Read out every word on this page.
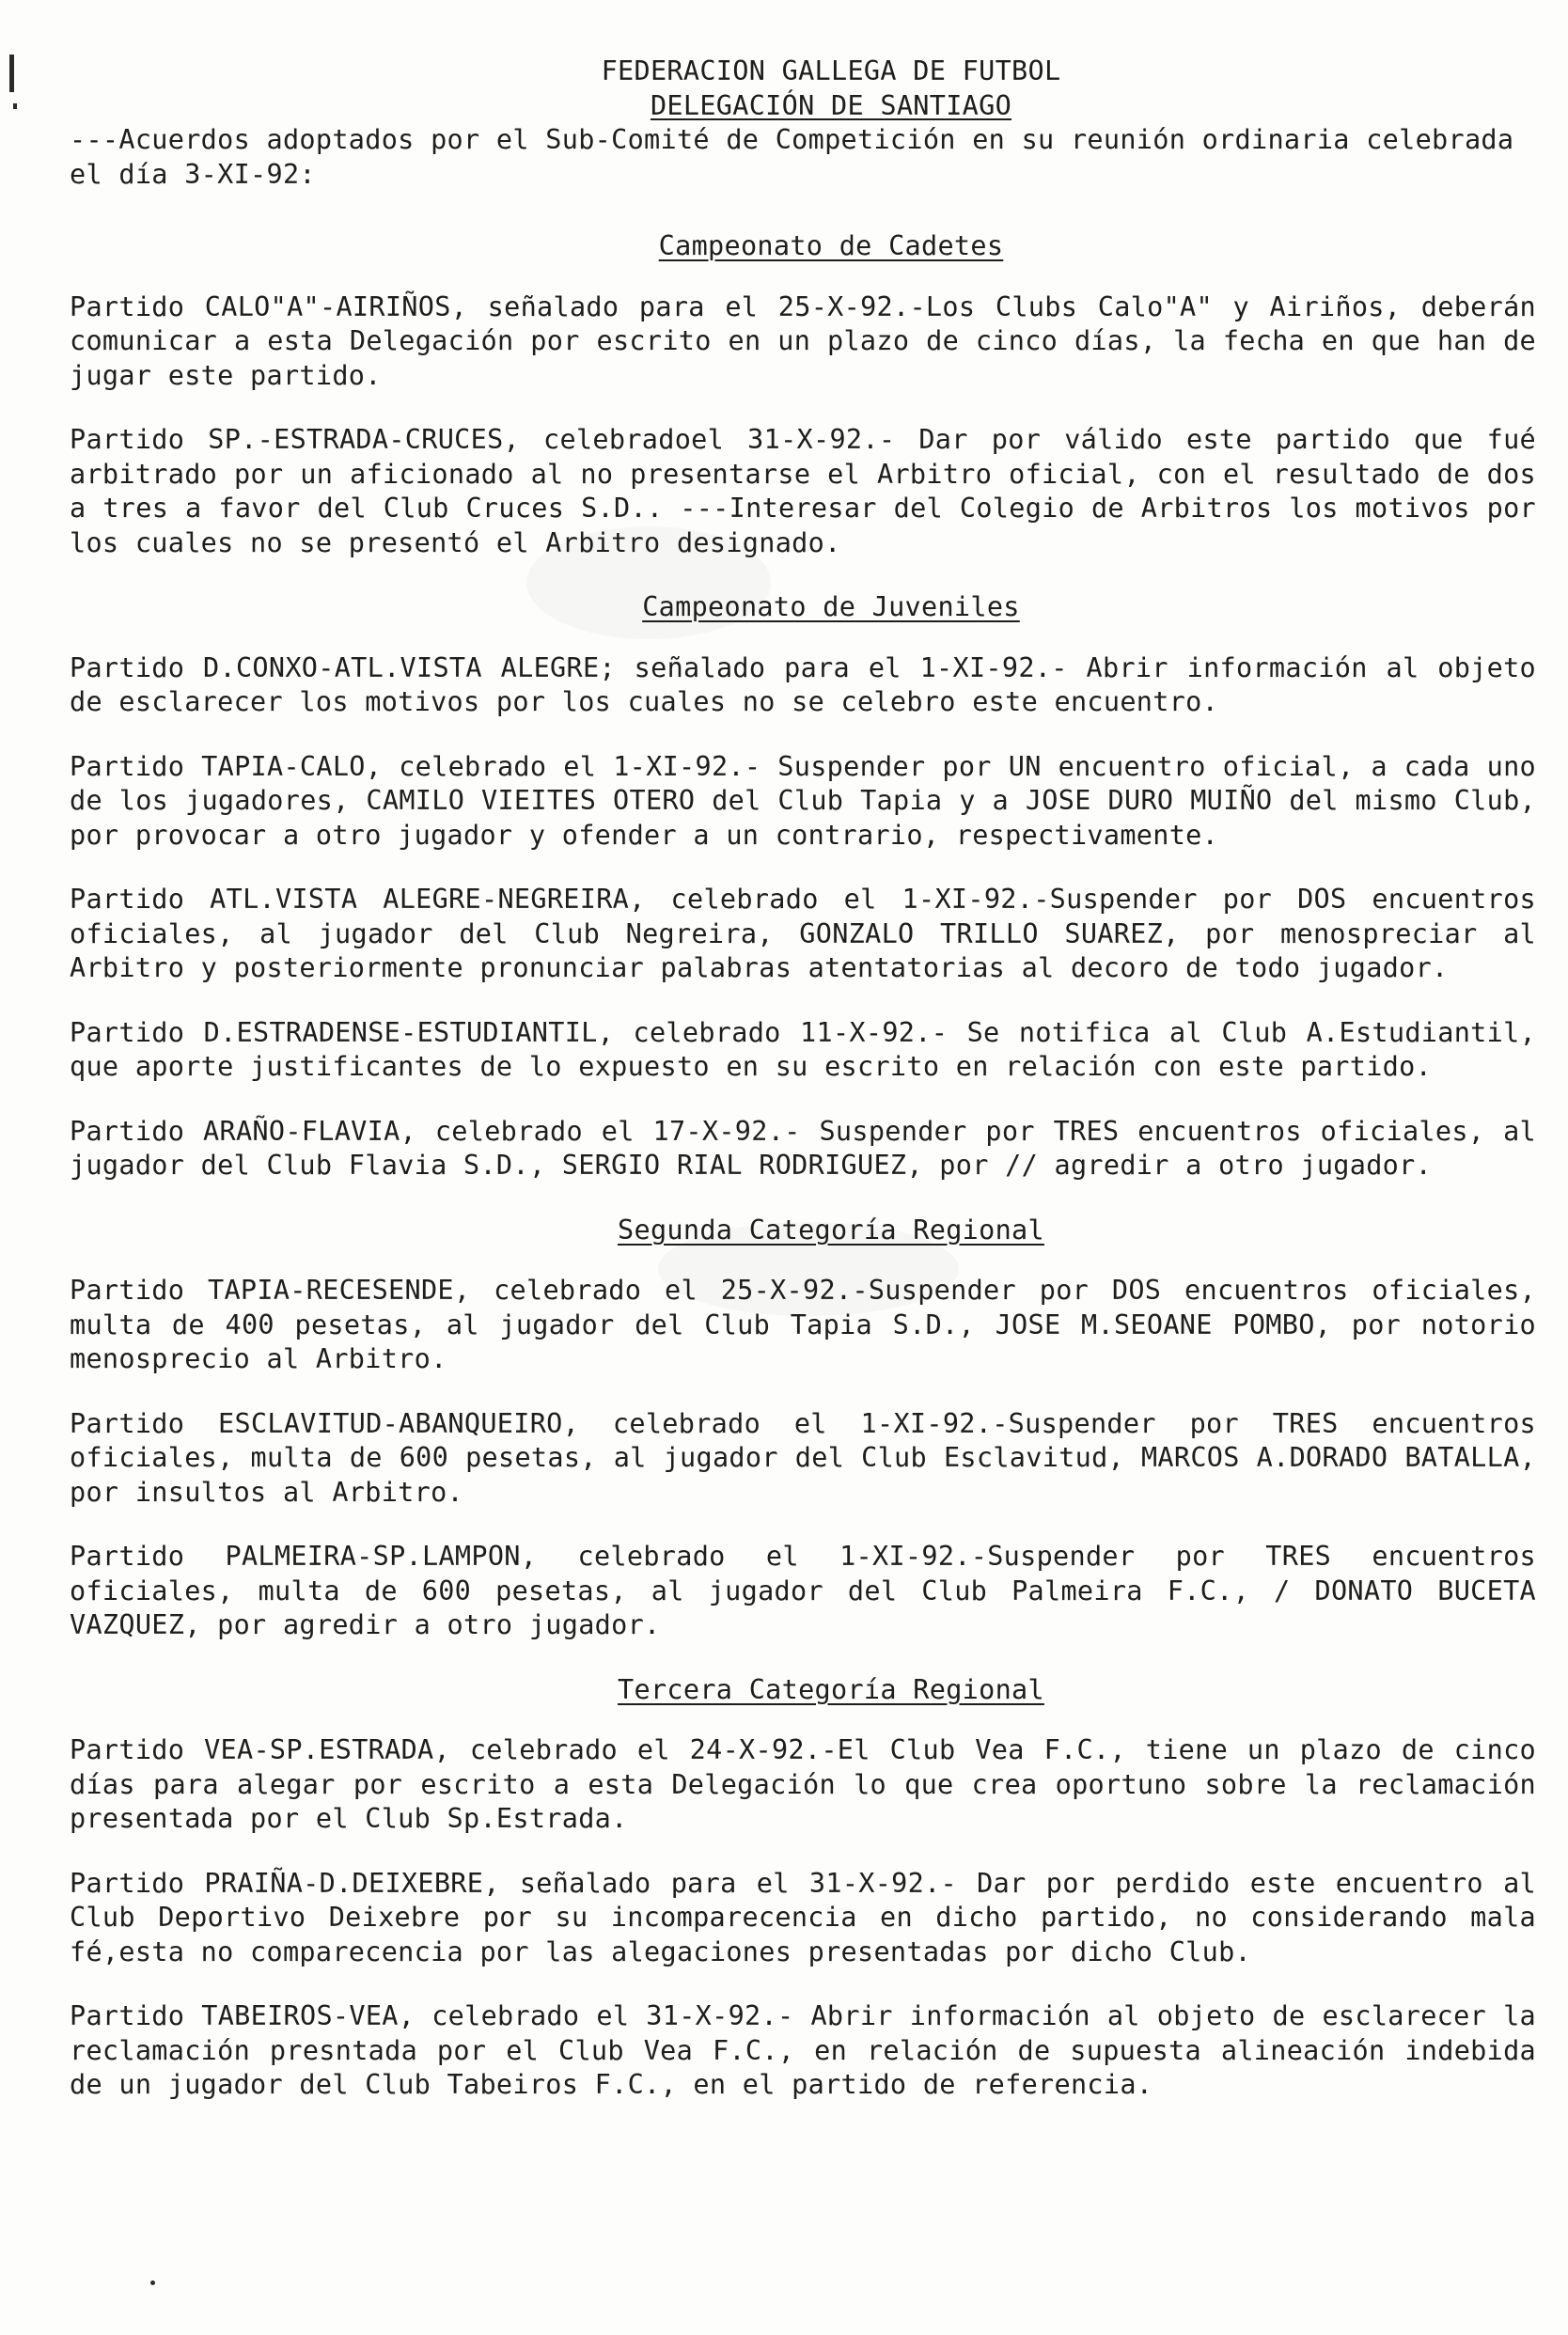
FEDERACION GALLEGA DE FUTBOL
DELEGACIÓN DE SANTIAGO

---Acuerdos adoptados por el Sub-Comité de Competición en su reunión ordinaria celebrada el día 3-XI-92:

Campeonato de Cadetes

Partido CALO"A"-AIRIÑOS, señalado para el 25-X-92.-Los Clubs Calo"A" y Airiños, deberán comunicar a esta Delegación por escrito en un plazo de cinco días, la fecha en que han de jugar este partido.

Partido SP.-ESTRADA-CRUCES, celebradoel 31-X-92.- Dar por válido este partido que fué arbitrado por un aficionado al no presentarse el Arbitro oficial, con el resultado de dos a tres a favor del Club Cruces S.D.. ---Interesar del Colegio de Arbitros los motivos por los cuales no se presentó el Arbitro designado.

Campeonato de Juveniles

Partido D.CONXO-ATL.VISTA ALEGRE; señalado para el 1-XI-92.- Abrir información al objeto de esclarecer los motivos por los cuales no se celebro este encuentro.

Partido TAPIA-CALO, celebrado el 1-XI-92.- Suspender por UN encuentro oficial, a cada uno de los jugadores, CAMILO VIEITES OTERO del Club Tapia y a JOSE DURO MUIÑO del mismo Club, por provocar a otro jugador y ofender a un contrario, respectivamente.

Partido ATL.VISTA ALEGRE-NEGREIRA, celebrado el 1-XI-92.-Suspender por DOS encuentros oficiales, al jugador del Club Negreira, GONZALO TRILLO SUAREZ, por menospreciar al Arbitro y posteriormente pronunciar palabras atentatorias al decoro de todo jugador.

Partido D.ESTRADENSE-ESTUDIANTIL, celebrado 11-X-92.- Se notifica al Club A.Estudiantil, que aporte justificantes de lo expuesto en su escrito en relación con este partido.

Partido ARAÑO-FLAVIA, celebrado el 17-X-92.- Suspender por TRES encuentros oficiales, al jugador del Club Flavia S.D., SERGIO RIAL RODRIGUEZ, por // agredir a otro jugador.

Segunda Categoría Regional

Partido TAPIA-RECESENDE, celebrado el 25-X-92.-Suspender por DOS encuentros oficiales, multa de 400 pesetas, al jugador del Club Tapia S.D., JOSE M.SEOANE POMBO, por notorio menosprecio al Arbitro.

Partido ESCLAVITUD-ABANQUEIRO, celebrado el 1-XI-92.-Suspender por TRES encuentros oficiales, multa de 600 pesetas, al jugador del Club Esclavitud, MARCOS A.DORADO BATALLA, por insultos al Arbitro.

Partido PALMEIRA-SP.LAMPON, celebrado el 1-XI-92.-Suspender por TRES encuentros oficiales, multa de 600 pesetas, al jugador del Club Palmeira F.C., / DONATO BUCETA VAZQUEZ, por agredir a otro jugador.

Tercera Categoría Regional

Partido VEA-SP.ESTRADA, celebrado el 24-X-92.-El Club Vea F.C., tiene un plazo de cinco días para alegar por escrito a esta Delegación lo que crea oportuno sobre la reclamación presentada por el Club Sp.Estrada.

Partido PRAIÑA-D.DEIXEBRE, señalado para el 31-X-92.- Dar por perdido este encuentro al Club Deportivo Deixebre por su incomparecencia en dicho partido, no considerando mala fé,esta no comparecencia por las alegaciones presentadas por dicho Club.

Partido TABEIROS-VEA, celebrado el 31-X-92.- Abrir información al objeto de esclarecer la reclamación presntada por el Club Vea F.C., en relación de supuesta alineación indebida de un jugador del Club Tabeiros F.C., en el partido de referencia.
